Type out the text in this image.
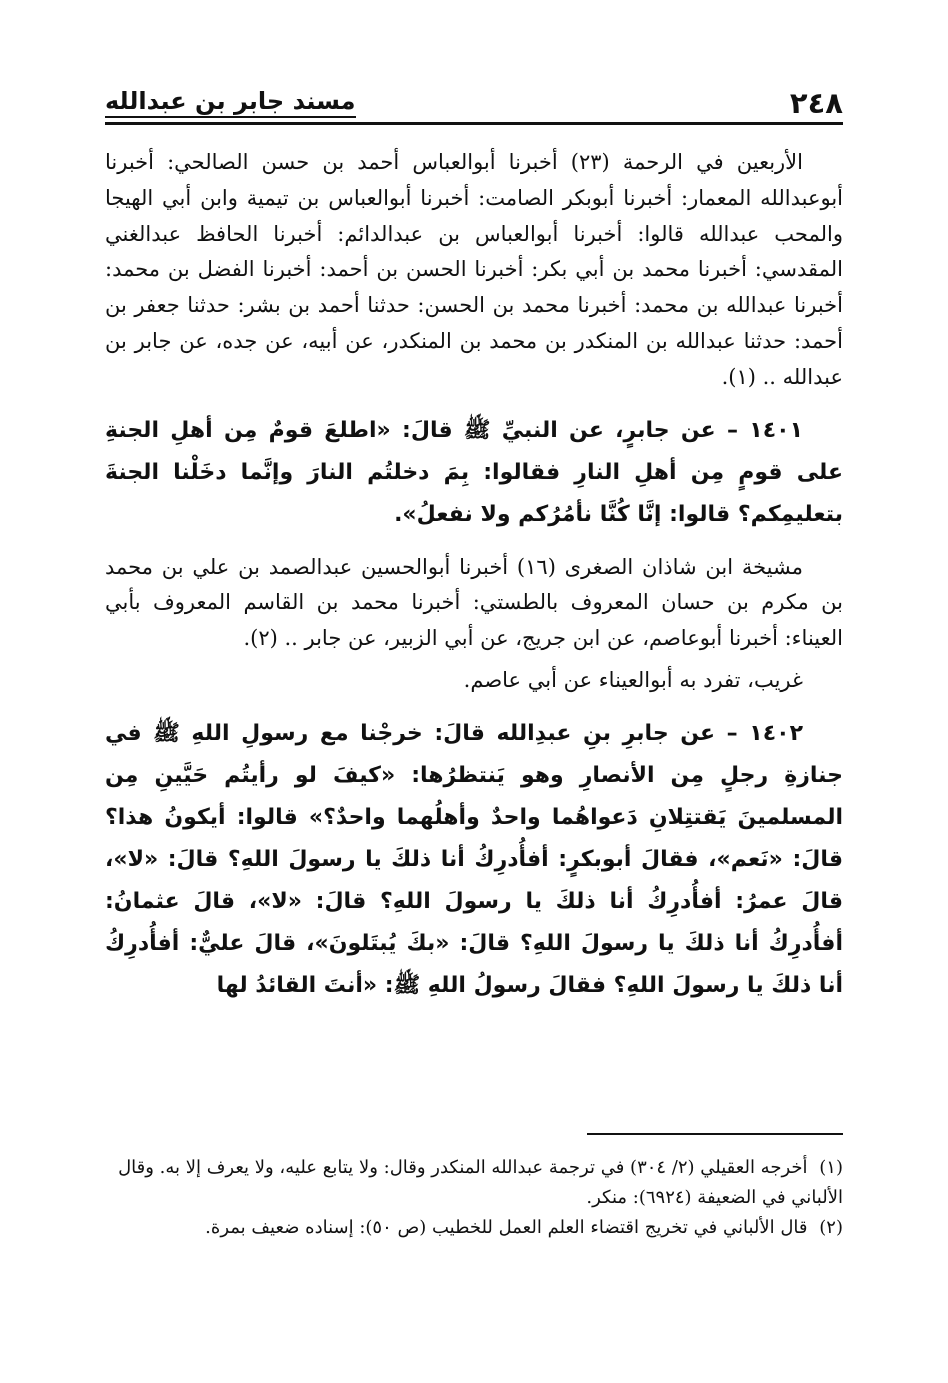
٢٤٨
مسند جابر بن عبدالله

الأربعين في الرحمة (٢٣) أخبرنا أبوالعباس أحمد بن حسن الصالحي: أخبرنا أبوعبدالله المعمار: أخبرنا أبوبكر الصامت: أخبرنا أبوالعباس بن تيمية وابن أبي الهيجا والمحب عبدالله قالوا: أخبرنا أبوالعباس بن عبدالدائم: أخبرنا الحافظ عبدالغني المقدسي: أخبرنا محمد بن أبي بكر: أخبرنا الحسن بن أحمد: أخبرنا الفضل بن محمد: أخبرنا عبدالله بن محمد: أخبرنا محمد بن الحسن: حدثنا أحمد بن بشر: حدثنا جعفر بن أحمد: حدثنا عبدالله بن المنكدر بن محمد بن المنكدر، عن أبيه، عن جده، عن جابر بن عبدالله .. (١).

١٤٠١ – عن جابرٍ، عن النبيِّ ﷺ قالَ: «اطلعَ قومٌ مِن أهلِ الجنةِ على قومٍ مِن أهلِ النارِ فقالوا: بِمَ دخلتُم النارَ وإنَّما دخَلْنا الجنةَ بتعليمِكم؟ قالوا: إنَّا كُنَّا نأمُرُكم ولا نفعلُ».

مشيخة ابن شاذان الصغرى (١٦) أخبرنا أبوالحسين عبدالصمد بن علي بن محمد بن مكرم بن حسان المعروف بالطستي: أخبرنا محمد بن القاسم المعروف بأبي العيناء: أخبرنا أبوعاصم، عن ابن جريج، عن أبي الزبير، عن جابر .. (٢).

غريب، تفرد به أبوالعيناء عن أبي عاصم.

١٤٠٢ – عن جابرِ بنِ عبدِالله قالَ: خرجْنا مع رسولِ اللهِ ﷺ في جنازةِ رجلٍ مِن الأنصارِ وهو يَنتظرُها: «كيفَ لو رأيتُم حَيَّينِ مِن المسلمينَ يَقتتِلانِ دَعواهُما واحدٌ وأهلُهما واحدٌ؟» قالوا: أيكونُ هذا؟ قالَ: «نَعم»، فقالَ أبوبكرٍ: أفأُدرِكُ أنا ذلكَ يا رسولَ اللهِ؟ قالَ: «لا»، قالَ عمرُ: أفأُدرِكُ أنا ذلكَ يا رسولَ اللهِ؟ قالَ: «لا»، قالَ عثمانُ: أفأُدرِكُ أنا ذلكَ يا رسولَ اللهِ؟ قالَ: «بكَ يُبتَلونَ»، قالَ عليٌّ: أفأُدرِكُ أنا ذلكَ يا رسولَ اللهِ؟ فقالَ رسولُ اللهِ ﷺ: «أنتَ القائدُ لها

(١) أخرجه العقيلي (٢/ ٣٠٤) في ترجمة عبدالله المنكدر وقال: ولا يتابع عليه، ولا يعرف إلا به. وقال الألباني في الضعيفة (٦٩٢٤): منكر.

(٢) قال الألباني في تخريج اقتضاء العلم العمل للخطيب (ص ٥٠): إسناده ضعيف بمرة.
